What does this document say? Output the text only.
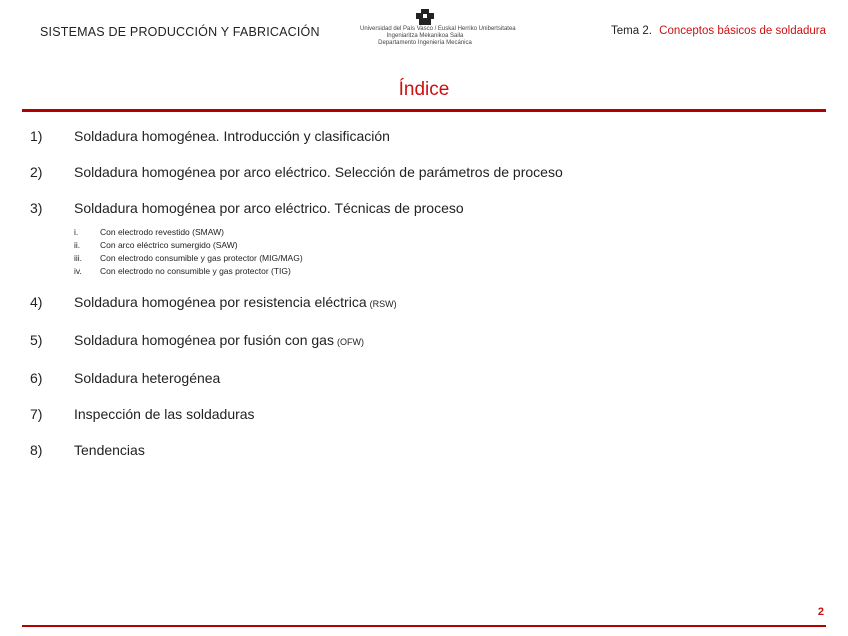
SISTEMAS DE PRODUCCIÓN Y FABRICACIÓN	Universidad del País Vasco / Euskal Herriko Unibertsitatea
Ingeniaritza Mekanikoa Saila
Departamento Ingeniería Mecánica
Tema 2. Conceptos básicos de soldadura
Índice
1)	Soldadura homogénea. Introducción y clasificación
2)	Soldadura homogénea por arco eléctrico. Selección de parámetros de proceso
3)	Soldadura homogénea por arco eléctrico. Técnicas de proceso
i.	Con electrodo revestido (SMAW)
ii.	Con arco eléctrico sumergido (SAW)
iii.	Con electrodo consumible y gas protector (MIG/MAG)
iv.	Con electrodo no consumible y gas protector (TIG)
4)	Soldadura homogénea por resistencia eléctrica (RSW)
5)	Soldadura homogénea por fusión con gas (OFW)
6)	Soldadura heterogénea
7)	Inspección de las soldaduras
8)	Tendencias
2
